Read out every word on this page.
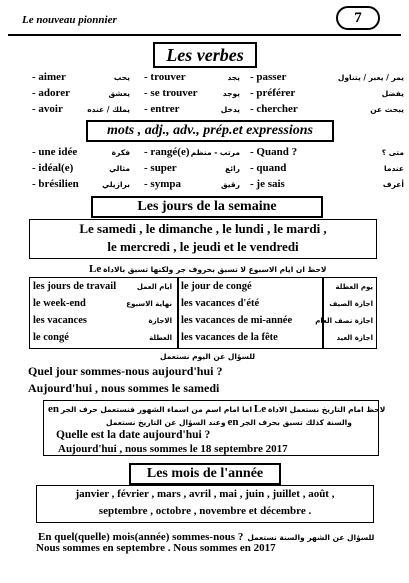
Le nouveau pionnier	7
Les verbes
- aimer	يحب - trouver	يجد - passer	يمر / يعبر / يتناول
- adorer	يعشق - se trouver	يوجد - préférer	يفضل
- avoir	يملك / عنده - entrer	يدخل - chercher	يبحث عن
mots , adj., adv., prép.et expressions
- une idée	فكرة - rangé(e) مرتب - منظم - Quand ?	متى ؟
- idéal(e)	مثالي - super	رائع - quand	عندما
- brésilien	برازيلي - sympa	رقيق - je sais	أعرف
Les jours de la semaine
Le samedi , le dimanche , le lundi , le mardi ,
le mercredi , le jeudi et le vendredi
Le لاحظ ان ايام الاسبوع لا تسبق بحروف جر ولكنها تسبق بالاداة
les jours de travail	ايام العمل le jour de congé	يوم العطلة
le week-end	نهاية الاسبوع les vacances d'été	اجازة الصيف
les vacances	الاجازة les vacances de mi-année	اجازة نصف العام
le congé	العطلة les vacances de la fête	اجازة العيد
للسؤال عن اليوم نستعمل
Quel jour sommes-nous aujourd'hui ?
Aujourd'hui , nous sommes le samedi
en اما امام اسم من اسماء الشهور فنستعمل حرف الجر Le لاحظ امام التاريخ نستعمل الاداة
وعند السؤال عن التاريخ نستعمل en والسنة كذلك تسبق بحرف الجر
Quelle est la date aujourd'hui ?
Aujourd'hui , nous sommes le 18 septembre 2017
Les mois de l'année
janvier , février , mars , avril , mai , juin , juillet , août ,
septembre , octobre , novembre et décembre .
En quel(quelle) mois(année) sommes-nous ? للسؤال عن الشهر والسنة نستعمل
Nous sommes en septembre . Nous sommes en 2017
